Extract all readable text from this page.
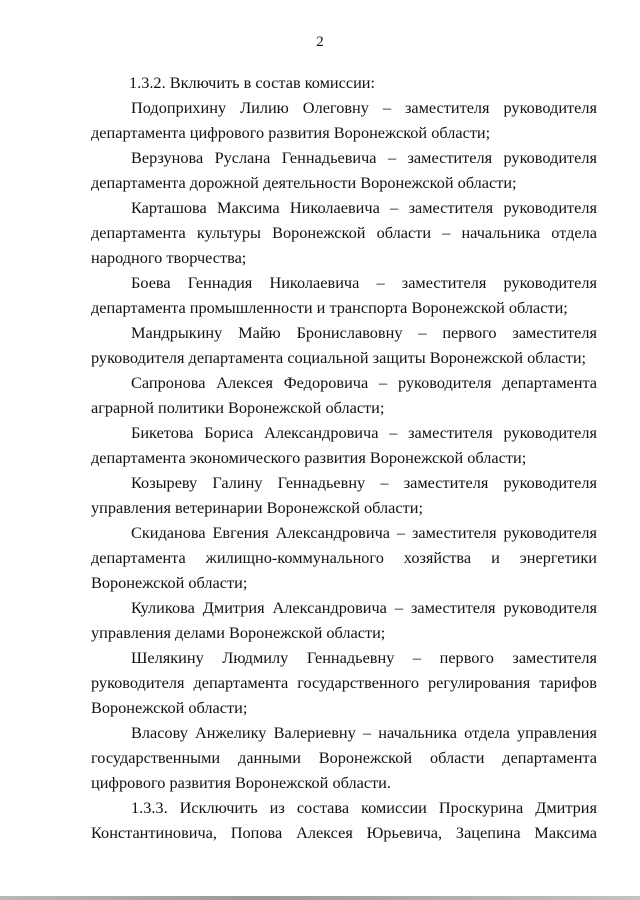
2

1.3.2. Включить в состав комиссии:

Подоприхину Лилию Олеговну – заместителя руководителя департамента цифрового развития Воронежской области;

Верзунова Руслана Геннадьевича – заместителя руководителя департамента дорожной деятельности Воронежской области;

Карташова Максима Николаевича – заместителя руководителя департамента культуры Воронежской области – начальника отдела народного творчества;

Боева Геннадия Николаевича – заместителя руководителя департамента промышленности и транспорта Воронежской области;

Мандрыкину Майю Брониславовну – первого заместителя руководителя департамента социальной защиты Воронежской области;

Сапронова Алексея Федоровича – руководителя департамента аграрной политики Воронежской области;

Бикетова Бориса Александровича – заместителя руководителя департамента экономического развития Воронежской области;

Козыреву Галину Геннадьевну – заместителя руководителя управления ветеринарии Воронежской области;

Скиданова Евгения Александровича – заместителя руководителя департамента жилищно-коммунального хозяйства и энергетики Воронежской области;

Куликова Дмитрия Александровича – заместителя руководителя управления делами Воронежской области;

Шелякину Людмилу Геннадьевну – первого заместителя руководителя департамента государственного регулирования тарифов Воронежской области;

Власову Анжелику Валериевну – начальника отдела управления государственными данными Воронежской области департамента цифрового развития Воронежской области.

1.3.3. Исключить из состава комиссии Проскурина Дмитрия Константиновича, Попова Алексея Юрьевича, Зацепина Максима
